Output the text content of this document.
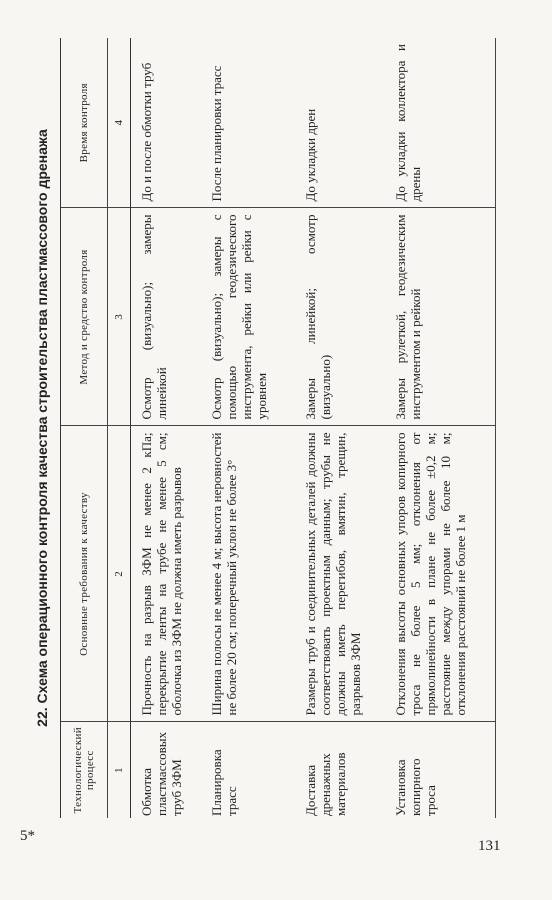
5*
131
22. Схема операционного контроля качества строительства пластмассового дренажа
Технологический процесс	Основные требования к качеству	Метод и средство контроля	Время контроля
1	2	3	4
Обмотка пластмассовых труб ЗФМ	Прочность на разрыв ЗФМ не менее 2 кПа; перекрытие ленты на трубе не менее 5 см; оболочка из ЗФМ не должна иметь разрывов	Осмотр (визуально); замеры линейкой	До и после обмотки труб
Планировка трасс	Ширина полосы не менее 4 м; высота неровностей не более 20 см; поперечный уклон не более 3°	Осмотр (визуально); замеры с помощью геодезического инструмента, рейки или рейки с уровнем	После планировки трасс
Доставка дренажных материалов	Размеры труб и соединительных деталей должны соответствовать проектным данным; трубы не должны иметь перегибов, вмятин, трещин, разрывов ЗФМ	Замеры линейкой; осмотр (визуально)	До укладки дрен
Установка копирного троса	Отклонения высоты основных упоров копирного троса не более 5 мм; отклонения от прямолинейности в плане не более ±0,2 м; расстояние между упорами не более 10 м; отклонения расстояний не более 1 м	Замеры рулеткой, геодезическим инструментом и рейкой	До укладки коллектора и дрены
